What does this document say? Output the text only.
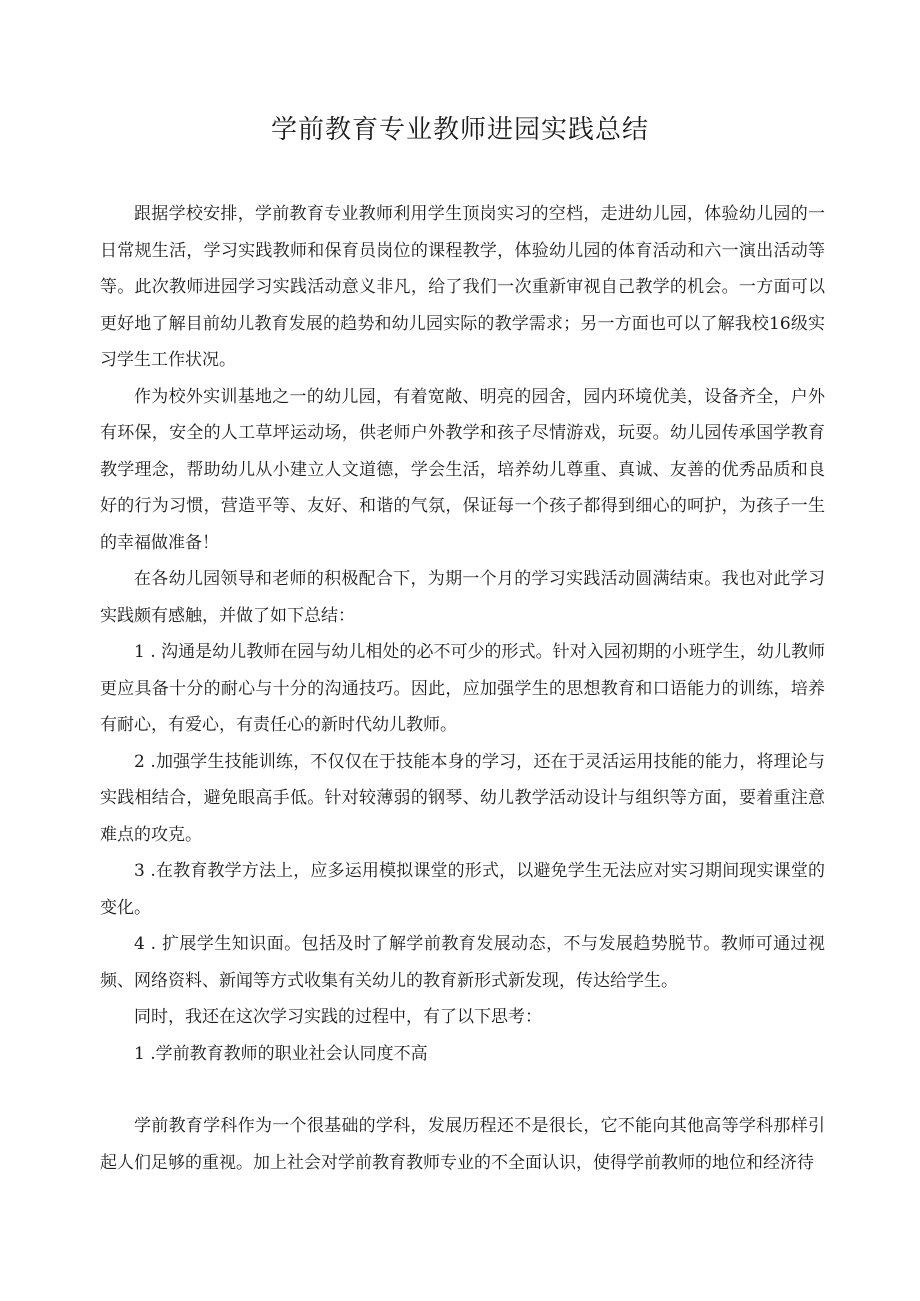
学前教育专业教师进园实践总结

跟据学校安排，学前教育专业教师利用学生顶岗实习的空档，走进幼儿园，体验幼儿园的一日常规生活，学习实践教师和保育员岗位的课程教学，体验幼儿园的体育活动和六一演出活动等等。此次教师进园学习实践活动意义非凡，给了我们一次重新审视自己教学的机会。一方面可以更好地了解目前幼儿教育发展的趋势和幼儿园实际的教学需求；另一方面也可以了解我校16级实习学生工作状况。

作为校外实训基地之一的幼儿园，有着宽敞、明亮的园舍，园内环境优美，设备齐全，户外有环保，安全的人工草坪运动场，供老师户外教学和孩子尽情游戏，玩耍。幼儿园传承国学教育教学理念，帮助幼儿从小建立人文道德，学会生活，培养幼儿尊重、真诚、友善的优秀品质和良好的行为习惯，营造平等、友好、和谐的气氛，保证每一个孩子都得到细心的呵护，为孩子一生的幸福做准备！

在各幼儿园领导和老师的积极配合下，为期一个月的学习实践活动圆满结束。我也对此学习实践颇有感触，并做了如下总结：

1 . 沟通是幼儿教师在园与幼儿相处的必不可少的形式。针对入园初期的小班学生，幼儿教师更应具备十分的耐心与十分的沟通技巧。因此，应加强学生的思想教育和口语能力的训练，培养有耐心，有爱心，有责任心的新时代幼儿教师。

2 .加强学生技能训练，不仅仅在于技能本身的学习，还在于灵活运用技能的能力，将理论与实践相结合，避免眼高手低。针对较薄弱的钢琴、幼儿教学活动设计与组织等方面，要着重注意难点的攻克。

3 .在教育教学方法上，应多运用模拟课堂的形式，以避免学生无法应对实习期间现实课堂的变化。

4 . 扩展学生知识面。包括及时了解学前教育发展动态，不与发展趋势脱节。教师可通过视频、网络资料、新闻等方式收集有关幼儿的教育新形式新发现，传达给学生。

同时，我还在这次学习实践的过程中，有了以下思考：

1 .学前教育教师的职业社会认同度不高

学前教育学科作为一个很基础的学科，发展历程还不是很长，它不能向其他高等学科那样引起人们足够的重视。加上社会对学前教育教师专业的不全面认识，使得学前教师的地位和经济待
